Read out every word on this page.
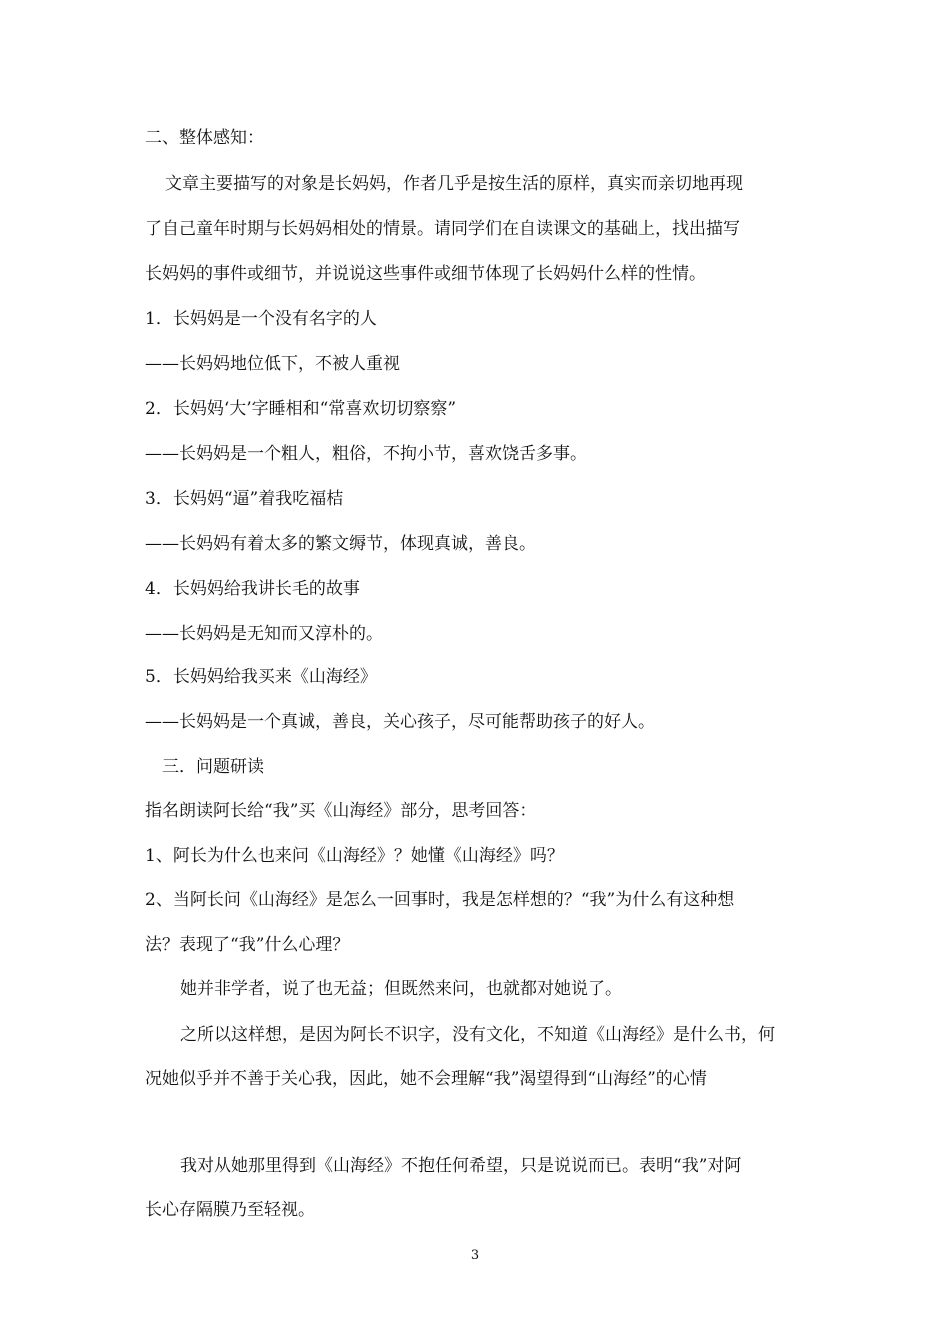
二、整体感知：
文章主要描写的对象是长妈妈，作者几乎是按生活的原样，真实而亲切地再现
了自己童年时期与长妈妈相处的情景。请同学们在自读课文的基础上，找出描写
长妈妈的事件或细节，并说说这些事件或细节体现了长妈妈什么样的性情。
1．长妈妈是一个没有名字的人
——长妈妈地位低下，不被人重视
2．长妈妈‘大’字睡相和“常喜欢切切察察”
——长妈妈是一个粗人，粗俗，不拘小节，喜欢饶舌多事。
3．长妈妈“逼”着我吃福桔
——长妈妈有着太多的繁文缛节，体现真诚，善良。
4．长妈妈给我讲长毛的故事
——长妈妈是无知而又淳朴的。
5．长妈妈给我买来《山海经》
——长妈妈是一个真诚，善良，关心孩子，尽可能帮助孩子的好人。
三．问题研读
指名朗读阿长给“我”买《山海经》部分，思考回答：
1、阿长为什么也来问《山海经》？她懂《山海经》吗？
2、当阿长问《山海经》是怎么一回事时，我是怎样想的？“我”为什么有这种想
法？表现了“我”什么心理？
她并非学者，说了也无益；但既然来问，也就都对她说了。
之所以这样想，是因为阿长不识字，没有文化，不知道《山海经》是什么书，何
况她似乎并不善于关心我，因此，她不会理解“我”渴望得到“山海经”的心情
我对从她那里得到《山海经》不抱任何希望，只是说说而已。表明“我”对阿
长心存隔膜乃至轻视。
3
